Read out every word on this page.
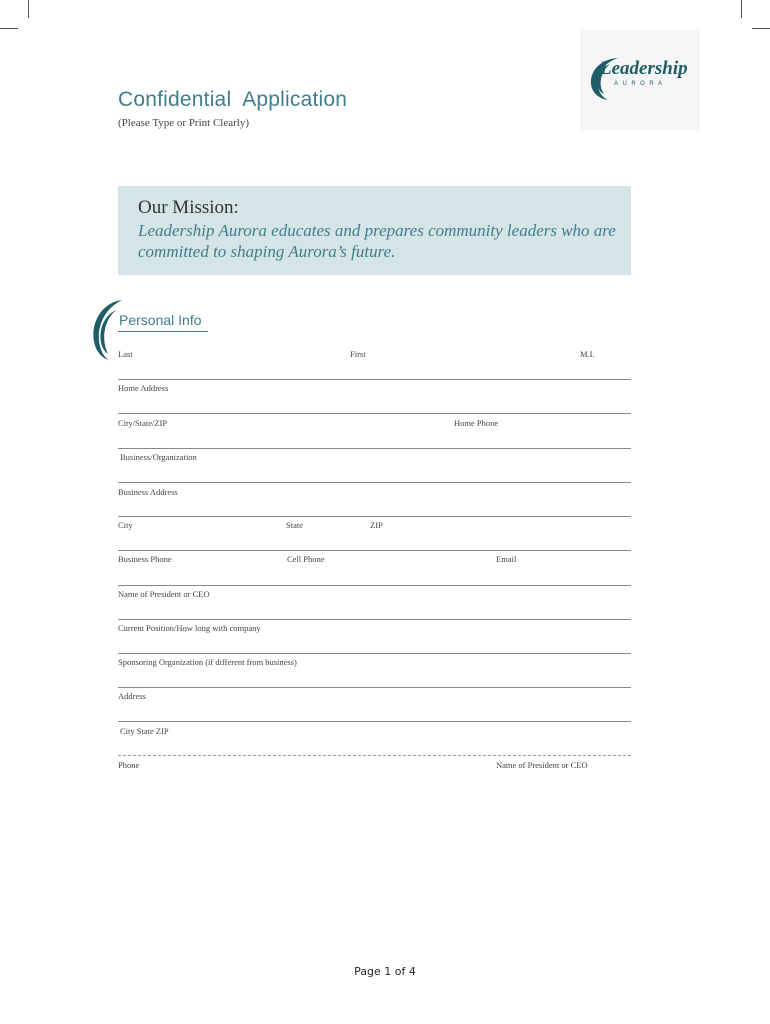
Confidential  Application
(Please Type or Print Clearly)
Leadership
AURORA
Our Mission:
Leadership Aurora educates and prepares community leaders who are committed to shaping Aurora’s future.
Personal Info
Last	First	M.I.
Home Address
City/State/ZIP	Home Phone
Business/Organization
Business Address
City	State	ZIP
Business Phone	Cell Phone	Email
Name of President or CEO
Current Position/How long with company
Sponsoring Organization (if different from business)
Address
City State ZIP
Phone	Name of President or CEO
Page 1 of 4
